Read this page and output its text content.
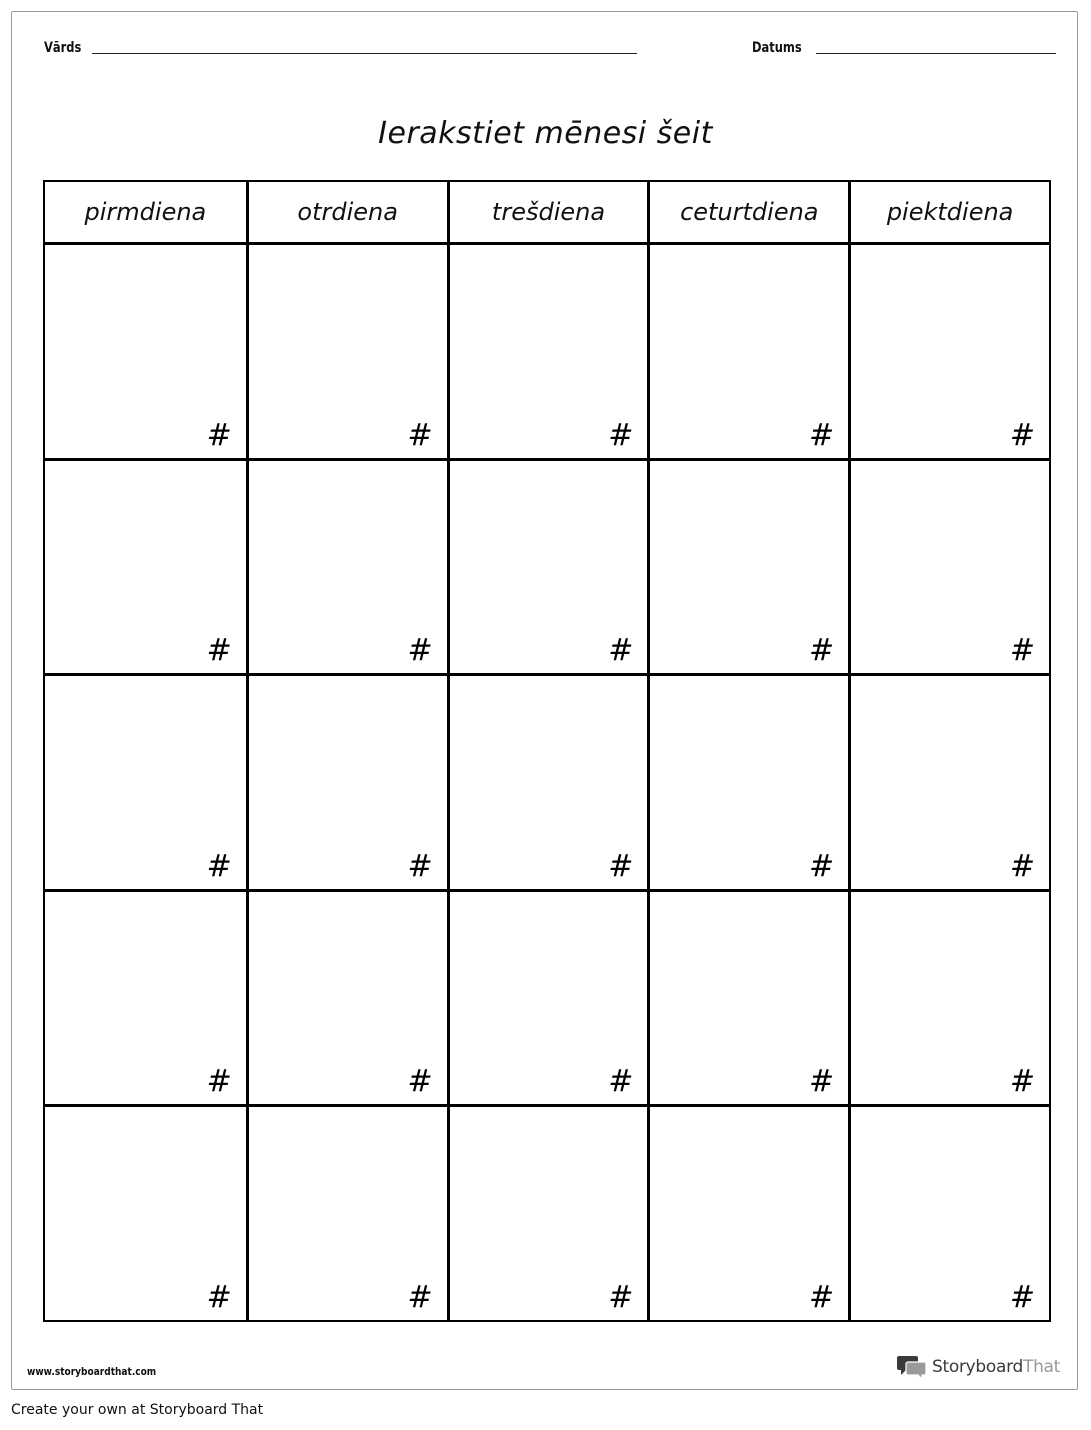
Vārds	Datums
Ierakstiet mēnesi šeit
pirmdiena	otrdiena	trešdiena	ceturtdiena	piektdiena
#	#	#	#	#
#	#	#	#	#
#	#	#	#	#
#	#	#	#	#
#	#	#	#	#
www.storyboardthat.com	StoryboardThat
Create your own at Storyboard That
